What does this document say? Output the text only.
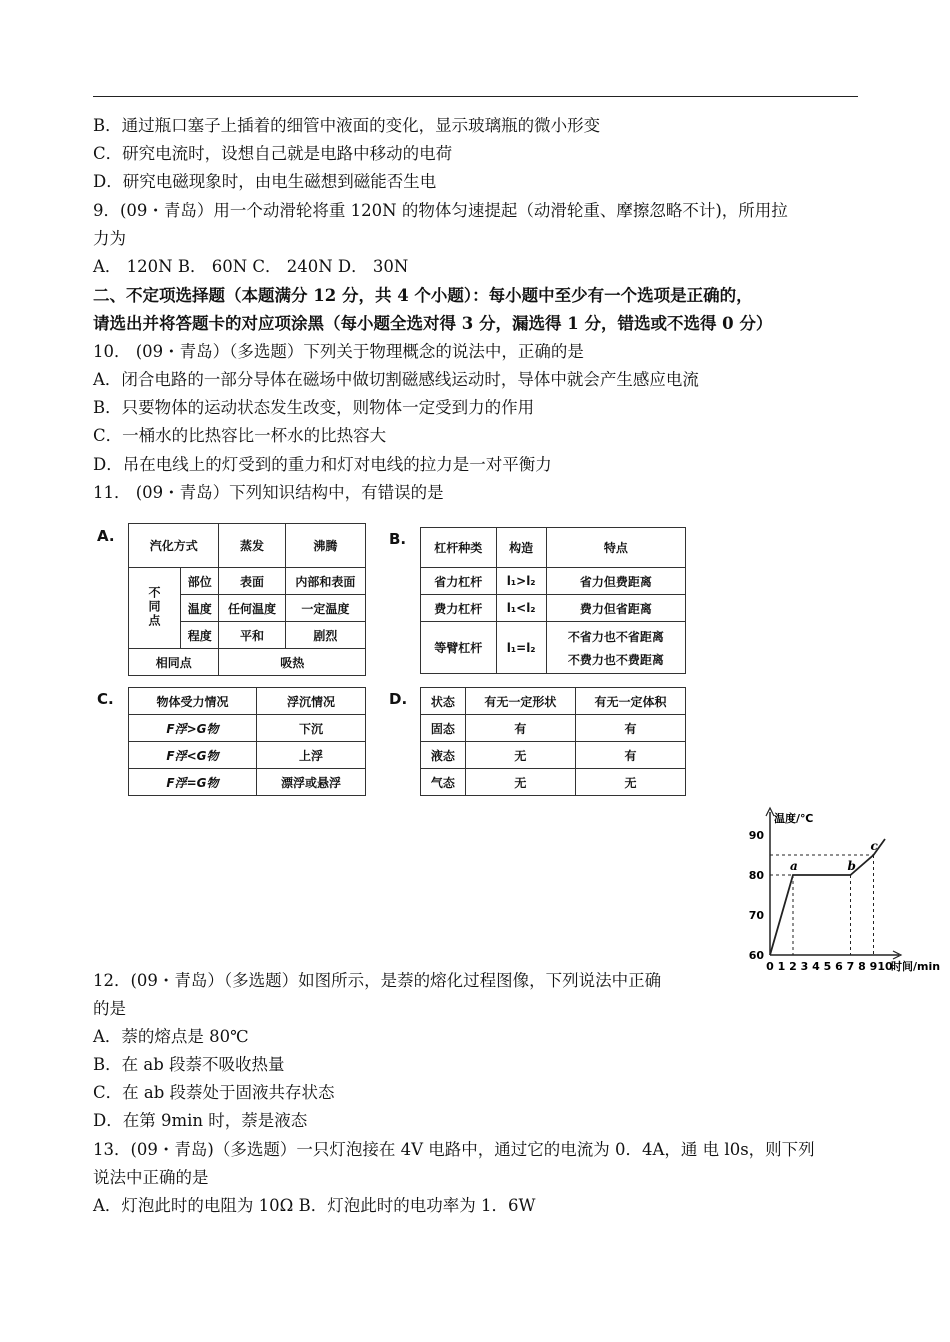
B．通过瓶口塞子上插着的细管中液面的变化，显示玻璃瓶的微小形变
C．研究电流时，设想自己就是电路中移动的电荷
D．研究电磁现象时，由电生磁想到磁能否生电
9．(09・青岛）用一个动滑轮将重 120N 的物体匀速提起（动滑轮重、摩擦忽略不计)，所用拉
力为
A． 120N B． 60N C． 240N D． 30N
二、不定项选择题（本题满分 12 分，共 4 个小题）：每小题中至少有一个选项是正确的，
请选出并将答题卡的对应项涂黑（每小题全选对得 3 分，漏选得 1 分，错选或不选得 0 分）
10． (09・青岛）（多选题）下列关于物理概念的说法中，正确的是
A．闭合电路的一部分导体在磁场中做切割磁感线运动时，导体中就会产生感应电流
B．只要物体的运动状态发生改变，则物体一定受到力的作用
C．一桶水的比热容比一杯水的比热容大
D．吊在电线上的灯受到的重力和灯对电线的拉力是一对平衡力
11． (09・青岛）下列知识结构中，有错误的是
A.
汽化方式		蒸发	沸腾
不同点	部位	表面	内部和表面
	温度	任何温度	一定温度
	程度	平和	剧烈
相同点		吸热	
B. 杠杆种类	构造	特点
省力杠杆	l₁>l₂	省力但费距离
费力杠杆	l₁<l₂	费力但省距离
等臂杠杆	l₁=l₂	不省力也不省距离
不费力也不费距离
C.	物体受力情况	浮沉情况
F浮>G物	下沉
F浮<G物	上浮
F浮=G物	漂浮或悬浮
D. 状态	有无一定形状	有无一定体积
固态	有	有
液态	无	有
气态	无	无
温度/℃
60
70
80
90
0 1 2 3 4 5 6 7 8 9 10
时间/min
a	b
c
12．(09・青岛）（多选题）如图所示，是萘的熔化过程图像，下列说法中正确
的是
A．萘的熔点是 80℃
B．在 ab 段萘不吸收热量
C．在 ab 段萘处于固液共存状态
D．在第 9min 时，萘是液态
13．(09・青岛)（多选题）一只灯泡接在 4V 电路中，通过它的电流为 0．4A，通 电 l0s，则下列
说法中正确的是
A．灯泡此时的电阻为 10Ω B．灯泡此时的电功率为 1．6W
